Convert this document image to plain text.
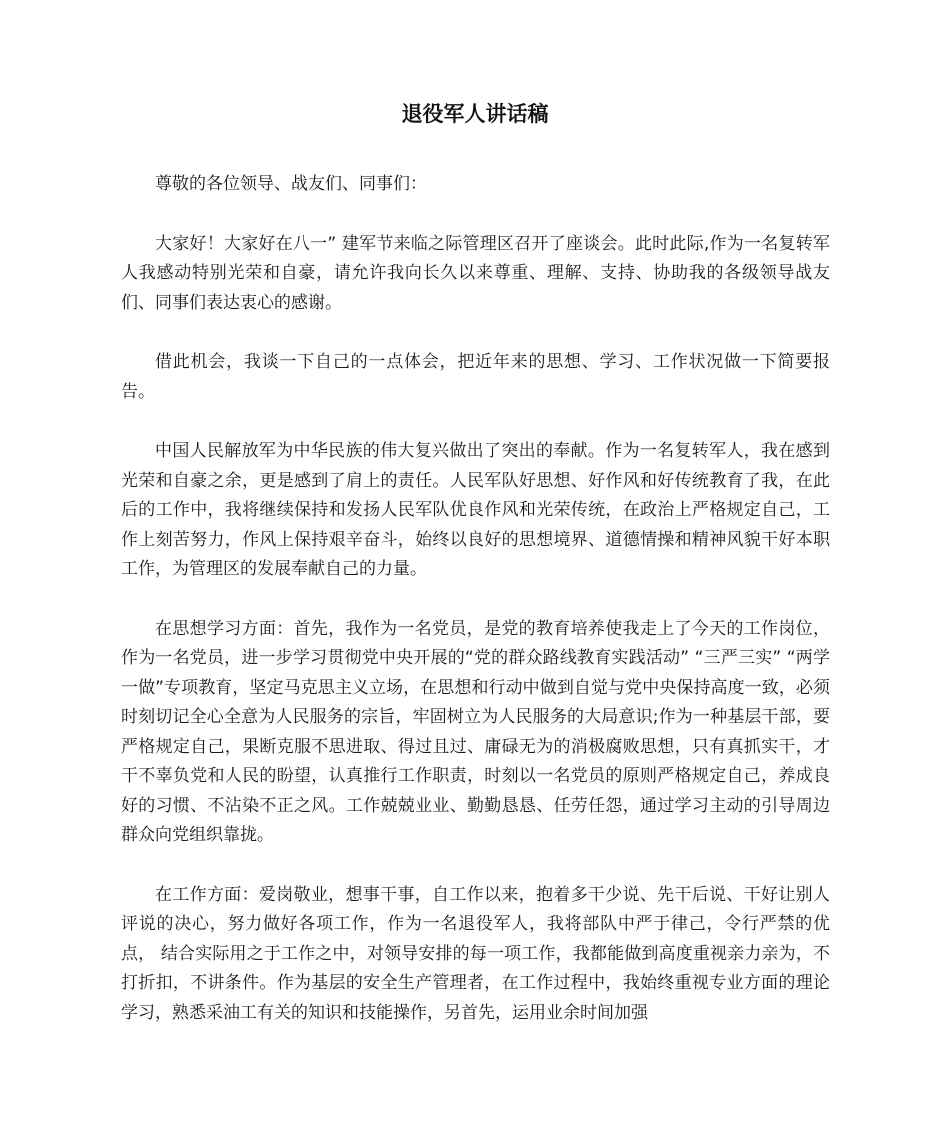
退役军人讲话稿

尊敬的各位领导、战友们、同事们：

大家好！大家好在八一” 建军节来临之际管理区召开了座谈会。此时此际,作为一名复转军人我感动特别光荣和自豪，请允许我向长久以来尊重、理解、支持、协助我的各级领导战友们、同事们表达衷心的感谢。

借此机会，我谈一下自己的一点体会，把近年来的思想、学习、工作状况做一下简要报告。

中国人民解放军为中华民族的伟大复兴做出了突出的奉献。作为一名复转军人，我在感到光荣和自豪之余，更是感到了肩上的责任。人民军队好思想、好作风和好传统教育了我，在此后的工作中，我将继续保持和发扬人民军队优良作风和光荣传统，在政治上严格规定自己，工作上刻苦努力，作风上保持艰辛奋斗，始终以良好的思想境界、道德情操和精神风貌干好本职工作，为管理区的发展奉献自己的力量。

在思想学习方面：首先，我作为一名党员，是党的教育培养使我走上了今天的工作岗位，作为一名党员，进一步学习贯彻党中央开展的“党的群众路线教育实践活动” “三严三实” “两学一做”专项教育，坚定马克思主义立场，在思想和行动中做到自觉与党中央保持高度一致，必须时刻切记全心全意为人民服务的宗旨，牢固树立为人民服务的大局意识;作为一种基层干部，要严格规定自己，果断克服不思进取、得过且过、庸碌无为的消极腐败思想，只有真抓实干，才干不辜负党和人民的盼望，认真推行工作职责，时刻以一名党员的原则严格规定自己，养成良好的习惯、不沾染不正之风。工作兢兢业业、勤勤恳恳、任劳任怨，通过学习主动的引导周边群众向党组织靠拢。

在工作方面：爱岗敬业，想事干事，自工作以来，抱着多干少说、先干后说、干好让别人评说的决心，努力做好各项工作，作为一名退役军人，我将部队中严于律己，令行严禁的优点， 结合实际用之于工作之中，对领导安排的每一项工作，我都能做到高度重视亲力亲为，不打折扣，不讲条件。作为基层的安全生产管理者，在工作过程中，我始终重视专业方面的理论学习，熟悉采油工有关的知识和技能操作，另首先，运用业余时间加强
